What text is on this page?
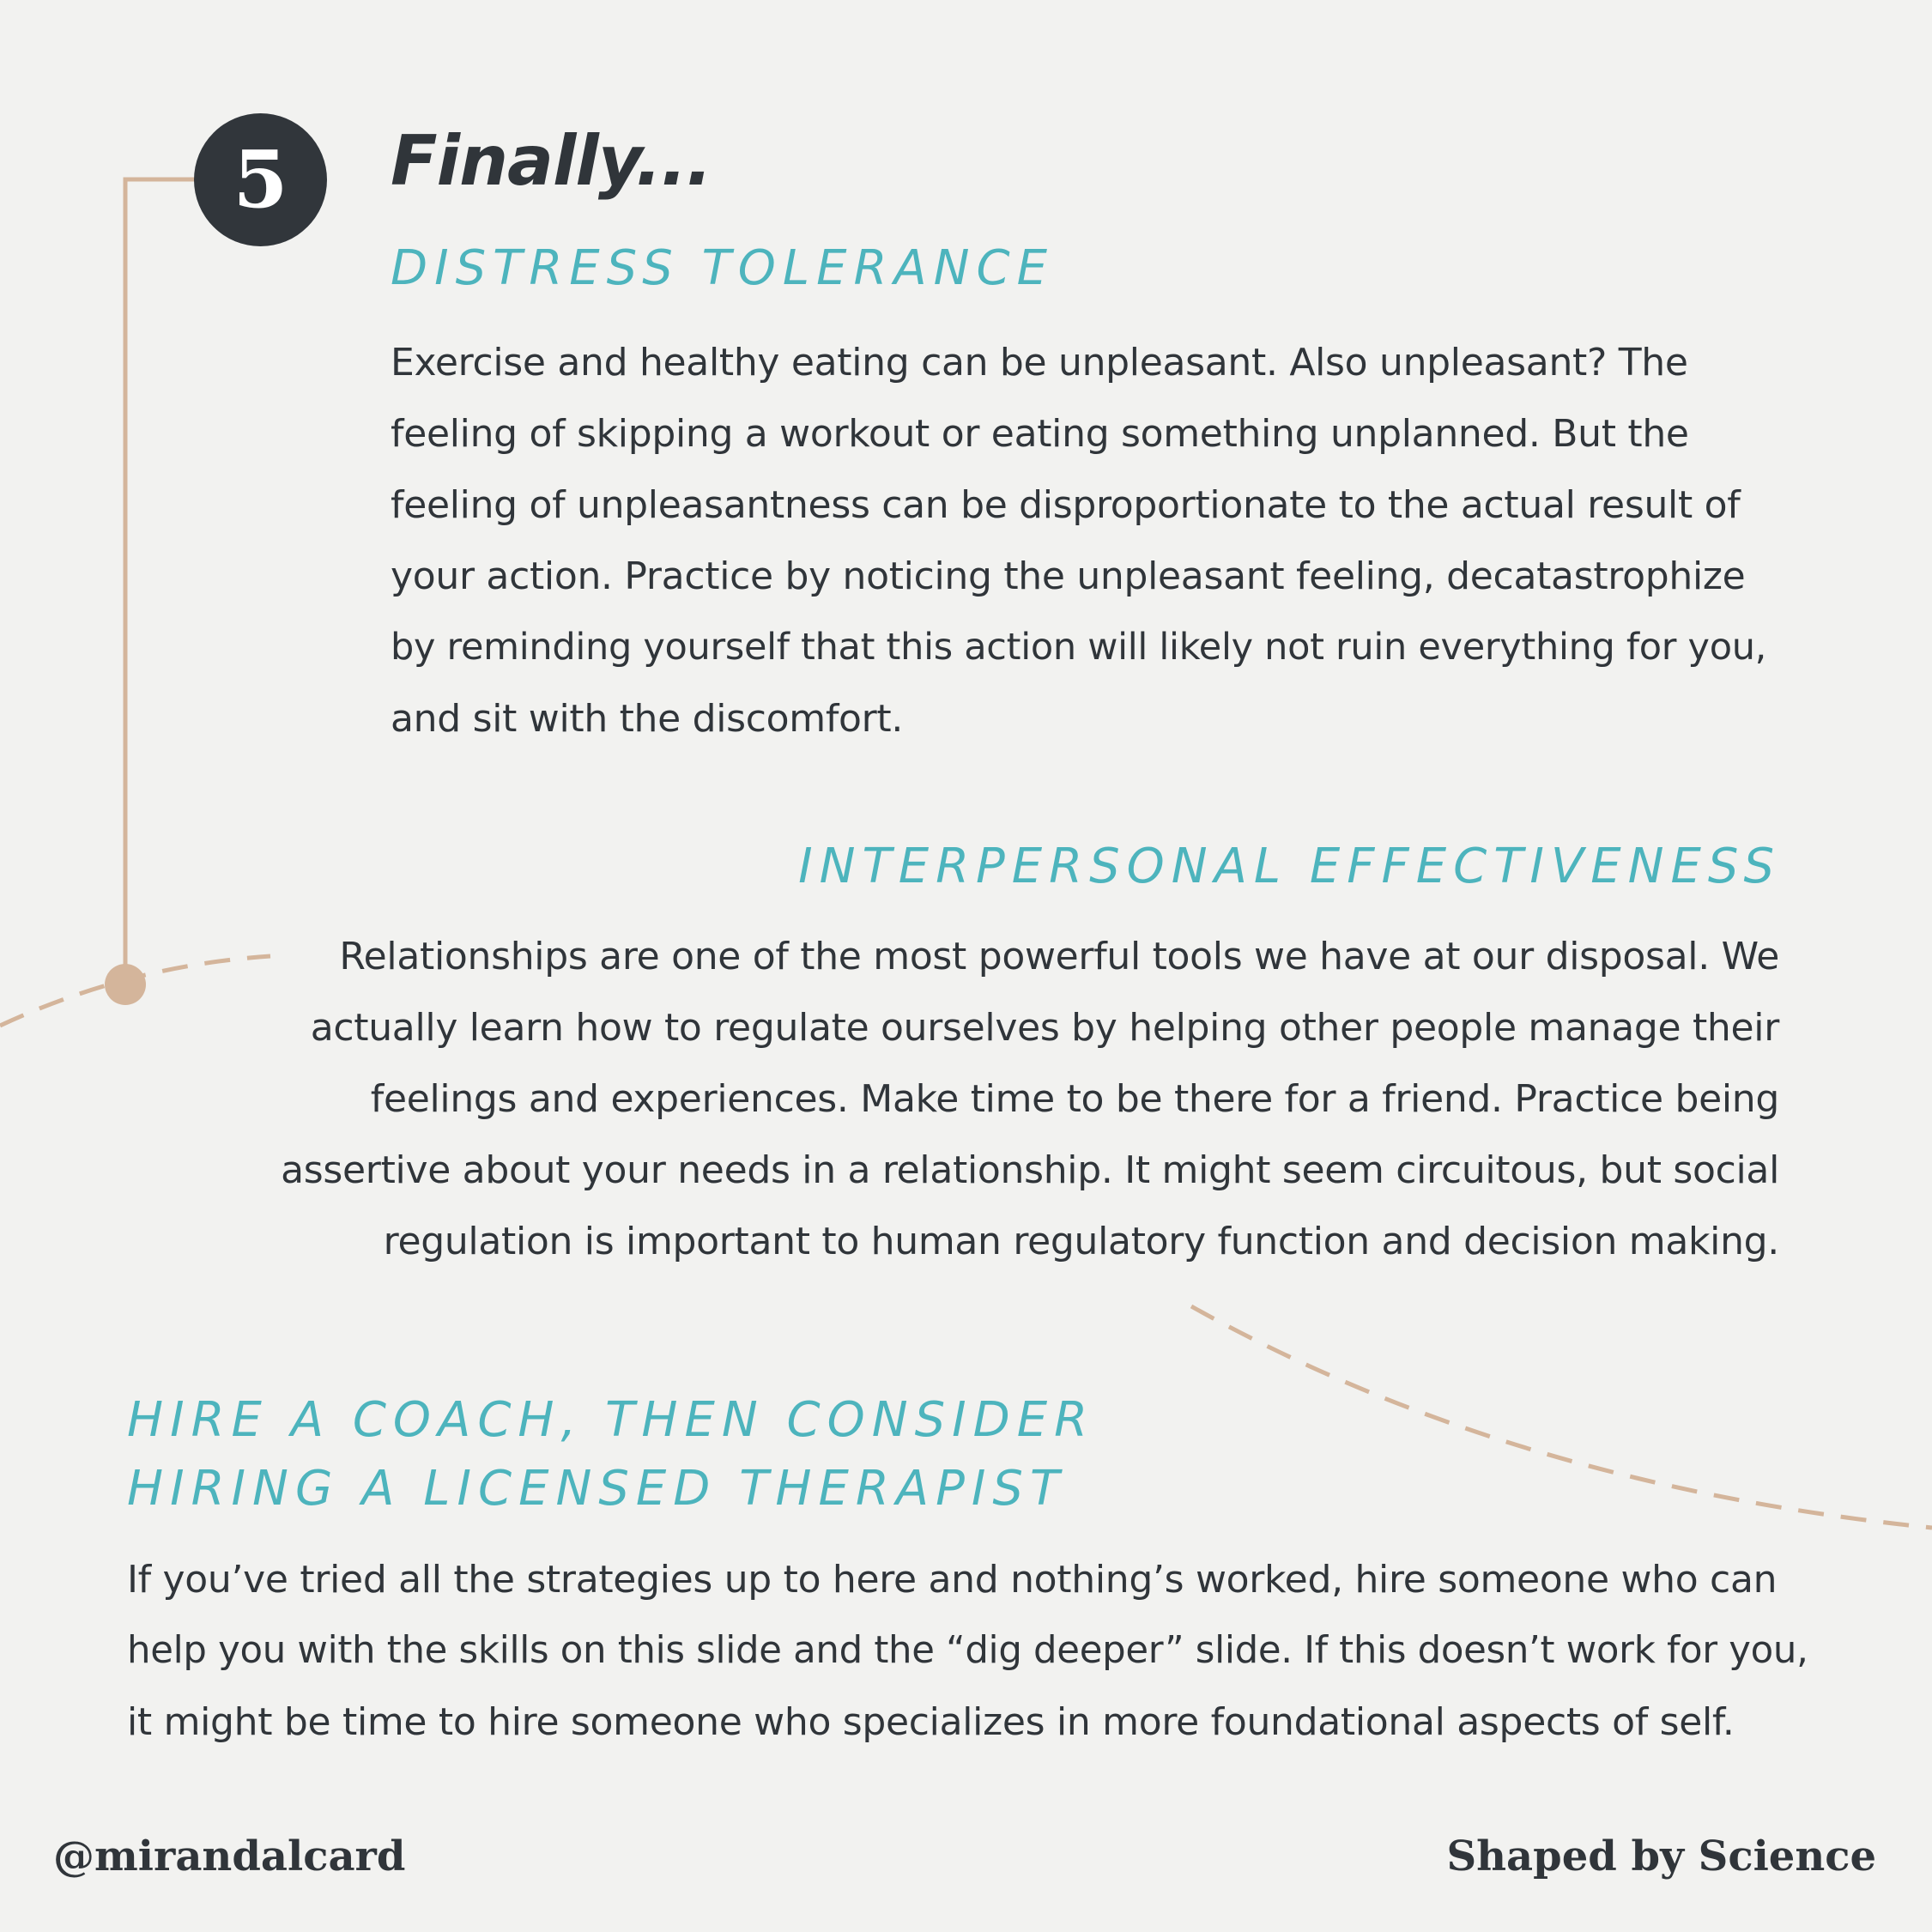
5	Finally...
DISTRESS TOLERANCE
Exercise and healthy eating can be unpleasant. Also unpleasant? The
feeling of skipping a workout or eating something unplanned. But the
feeling of unpleasantness can be disproportionate to the actual result of
your action. Practice by noticing the unpleasant feeling, decatastrophize
by reminding yourself that this action will likely not ruin everything for you,
and sit with the discomfort.
INTERPERSONAL EFFECTIVENESS
Relationships are one of the most powerful tools we have at our disposal. We
actually learn how to regulate ourselves by helping other people manage their
feelings and experiences. Make time to be there for a friend. Practice being
assertive about your needs in a relationship. It might seem circuitous, but social
regulation is important to human regulatory function and decision making.
HIRE A COACH, THEN CONSIDER
HIRING A LICENSED THERAPIST
If you’ve tried all the strategies up to here and nothing’s worked, hire someone who can
help you with the skills on this slide and the “dig deeper” slide. If this doesn’t work for you,
it might be time to hire someone who specializes in more foundational aspects of self.
@mirandalcard	Shaped by Science
